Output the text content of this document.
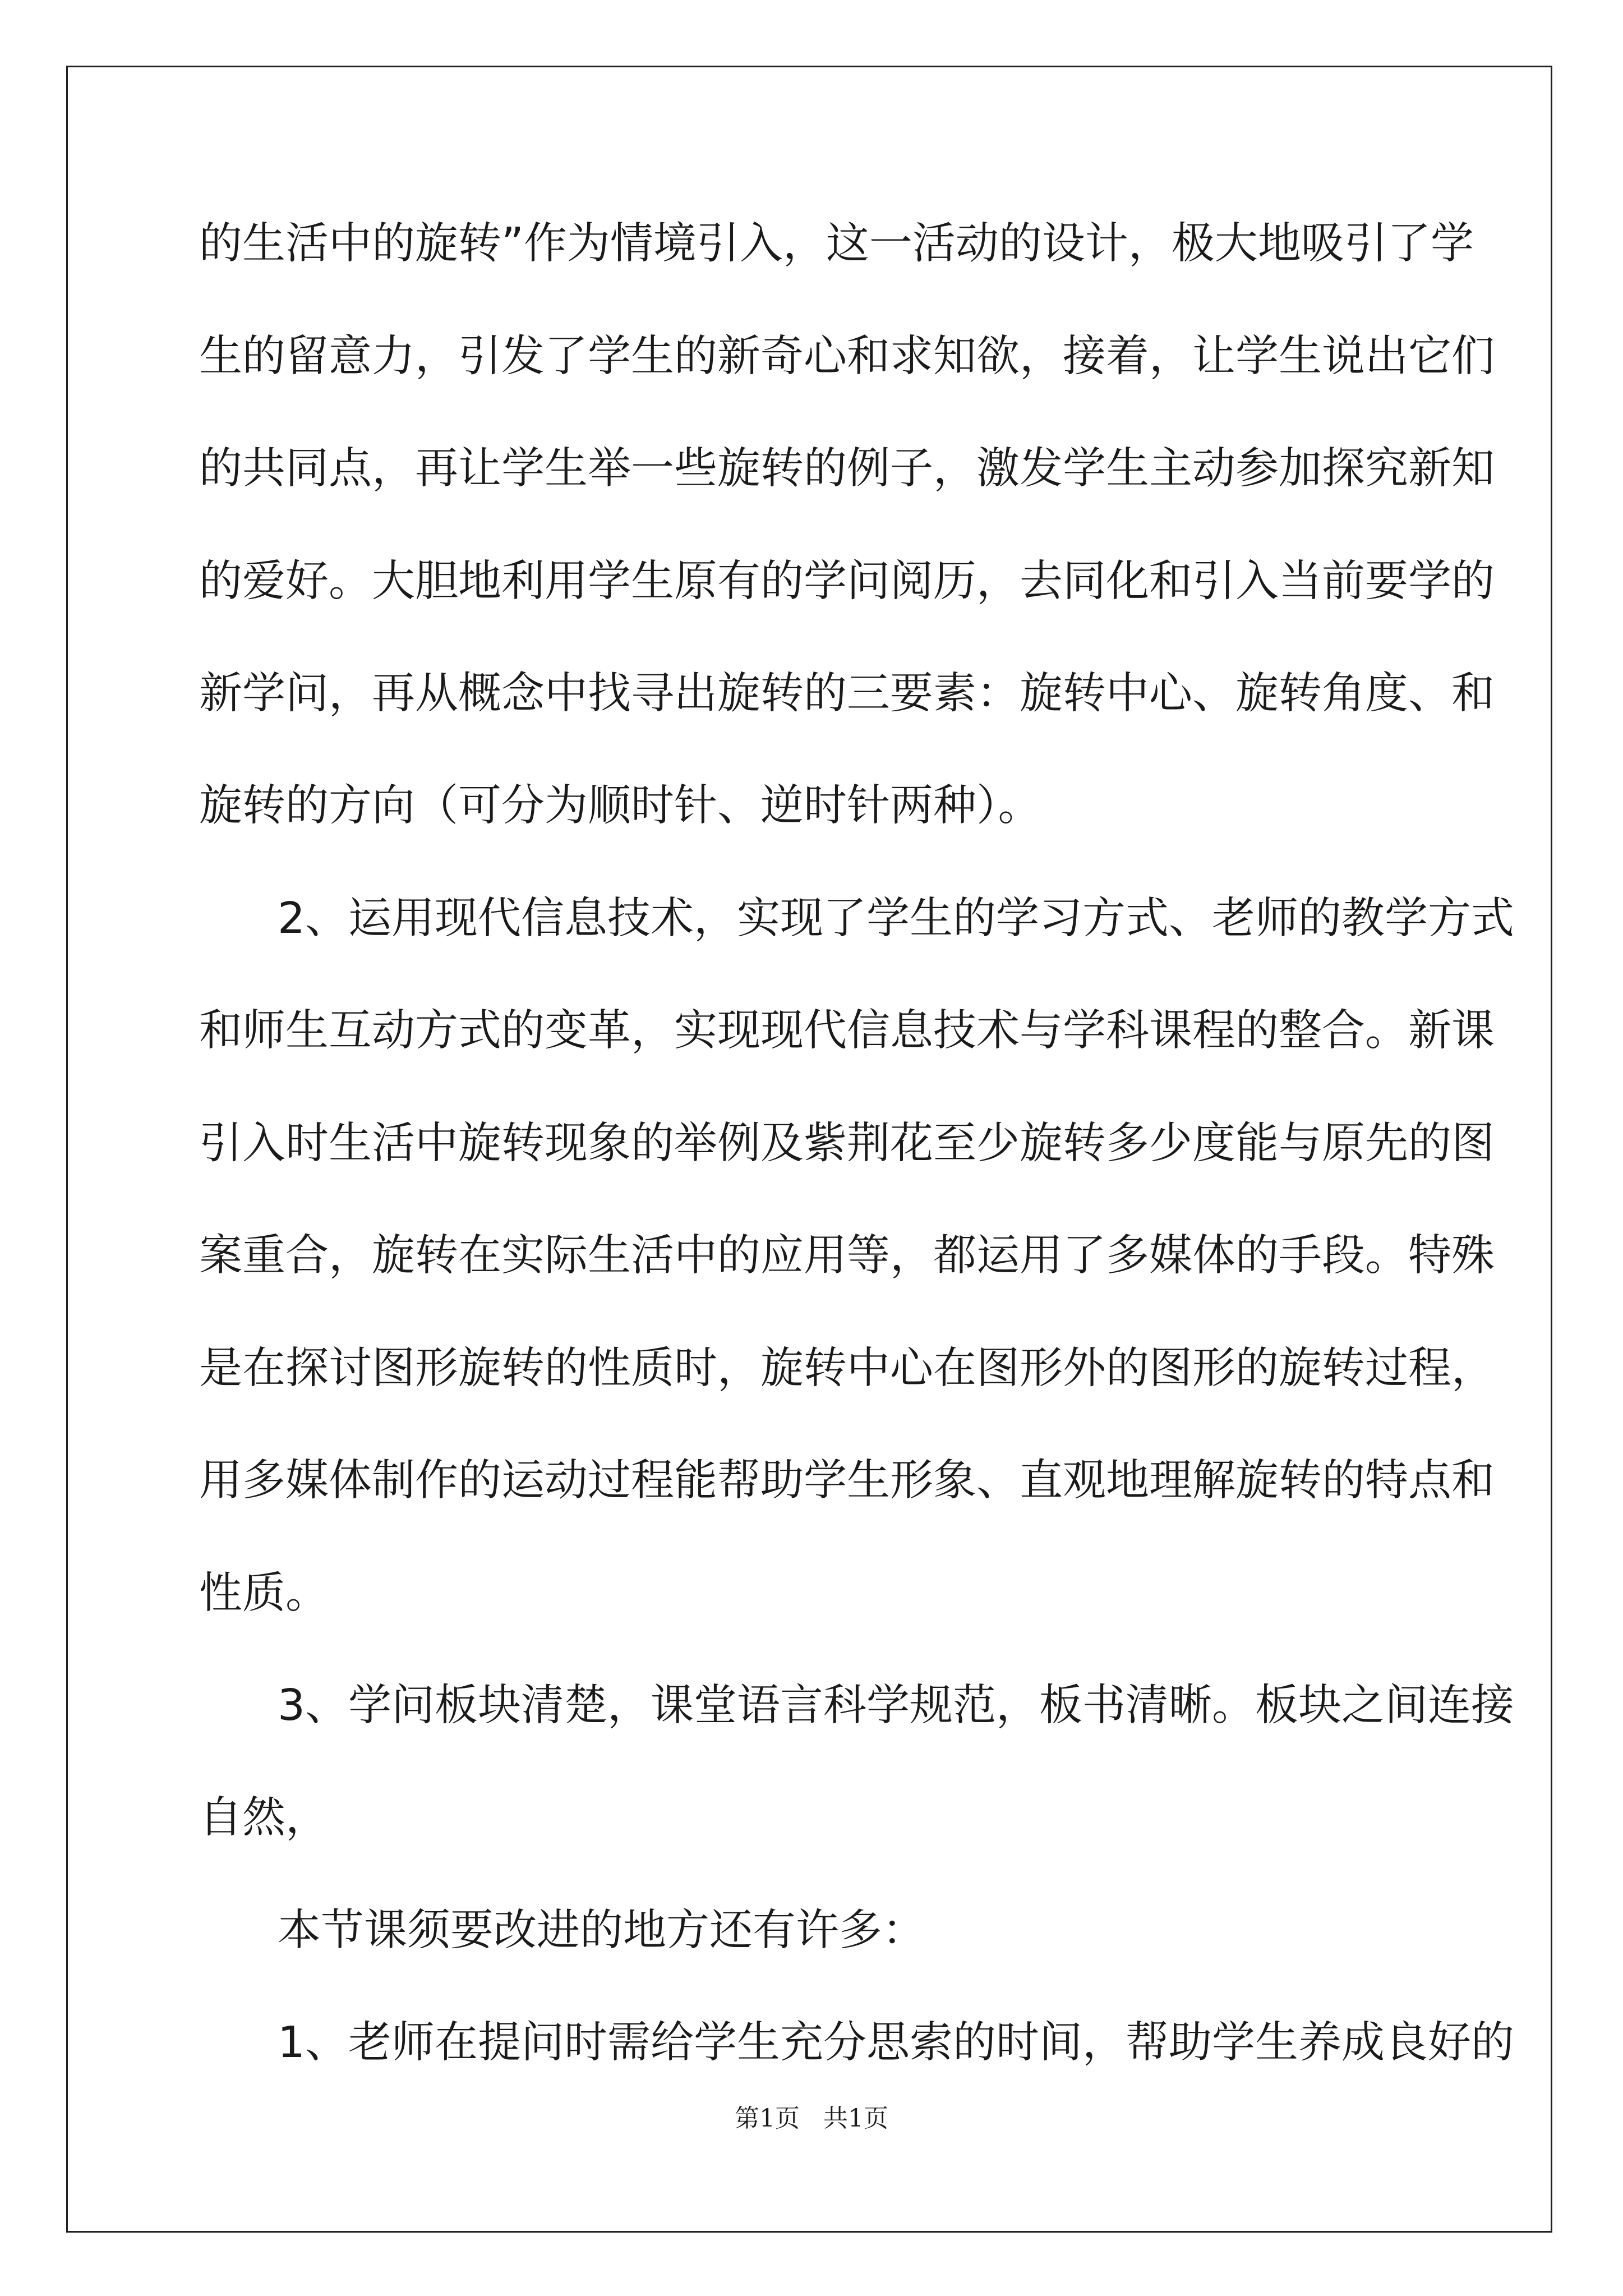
的生活中的旋转”作为情境引入，这一活动的设计，极大地吸引了学
生的留意力，引发了学生的新奇心和求知欲，接着，让学生说出它们
的共同点，再让学生举一些旋转的例子，激发学生主动参加探究新知
的爱好。大胆地利用学生原有的学问阅历，去同化和引入当前要学的
新学问，再从概念中找寻出旋转的三要素：旋转中心、旋转角度、和
旋转的方向（可分为顺时针、逆时针两种）。
2、运用现代信息技术，实现了学生的学习方式、老师的教学方式
和师生互动方式的变革，实现现代信息技术与学科课程的整合。新课
引入时生活中旋转现象的举例及紫荆花至少旋转多少度能与原先的图
案重合，旋转在实际生活中的应用等，都运用了多媒体的手段。特殊
是在探讨图形旋转的性质时，旋转中心在图形外的图形的旋转过程，
用多媒体制作的运动过程能帮助学生形象、直观地理解旋转的特点和
性质。
3、学问板块清楚，课堂语言科学规范，板书清晰。板块之间连接
自然，
本节课须要改进的地方还有许多：
1、老师在提问时需给学生充分思索的时间，帮助学生养成良好的
第1页   共1页
